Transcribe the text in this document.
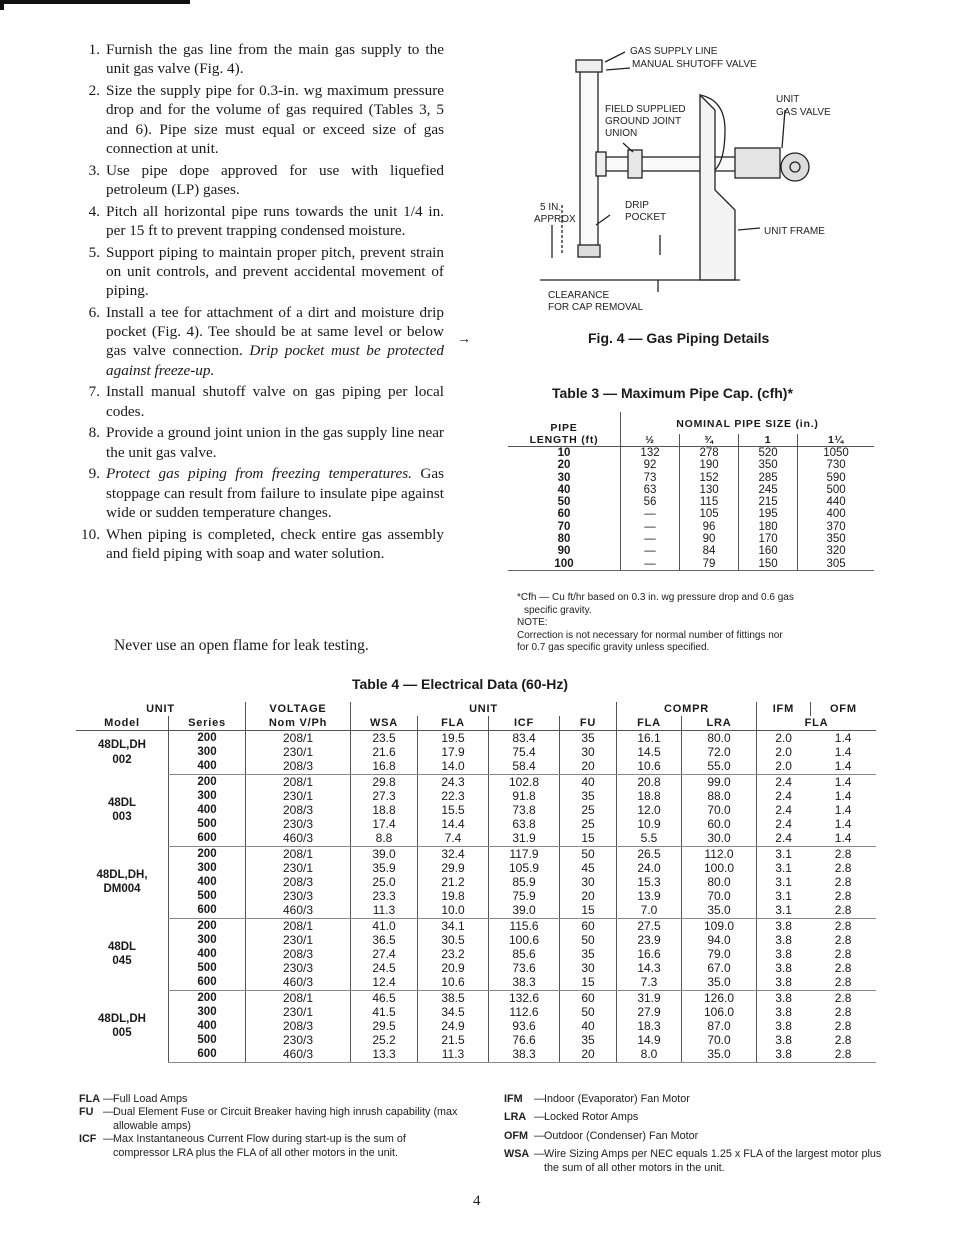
1. Furnish the gas line from the main gas supply to the unit gas valve (Fig. 4).
2. Size the supply pipe for 0.3-in. wg maximum pressure drop and for the volume of gas required (Tables 3, 5 and 6). Pipe size must equal or exceed size of gas connection at unit.
3. Use pipe dope approved for use with liquefied petroleum (LP) gases.
4. Pitch all horizontal pipe runs towards the unit 1/4 in. per 15 ft to prevent trapping condensed moisture.
5. Support piping to maintain proper pitch, prevent strain on unit controls, and prevent accidental movement of piping.
6. Install a tee for attachment of a dirt and moisture drip pocket (Fig. 4). Tee should be at same level or below gas valve connection. Drip pocket must be protected against freeze-up.
7. Install manual shutoff valve on gas piping per local codes.
8. Provide a ground joint union in the gas supply line near the unit gas valve.
9. Protect gas piping from freezing temperatures. Gas stoppage can result from failure to insulate pipe against wide or sudden temperature changes.
10. When piping is completed, check entire gas assembly and field piping with soap and water solution.
Never use an open flame for leak testing.
GAS SUPPLY LINE
MANUAL SHUTOFF VALVE
FIELD SUPPLIED
GROUND JOINT
UNION
UNIT
GAS VALVE
5 IN.
APPROX
DRIP
POCKET
UNIT FRAME
CLEARANCE
FOR CAP REMOVAL
→	Fig. 4 — Gas Piping Details
Table 3 — Maximum Pipe Cap. (cfh)*
PIPE	NOMINAL PIPE SIZE (in.)			
LENGTH (ft)	½	¾	1	1¼
10	132	278	520	1050
20	92	190	350	730
30	73	152	285	590
40	63	130	245	500
50	56	115	215	440
60	—	105	195	400
70	—	96	180	370
80	—	90	170	350
90	—	84	160	320
100	—	79	150	305

*Cfh — Cu ft/hr based on 0.3 in. wg pressure drop and 0.6 gas

specific gravity.

NOTE:

Correction is not necessary for normal number of fittings nor

for 0.7 gas specific gravity unless specified.

Table 4 — Electrical Data (60-Hz)
UNIT		VOLTAGE	UNIT				COMPR		IFM	OFM
Model	Series	Nom V/Ph	WSA	FLA	ICF	FU	FLA	LRA	FLA	

48DL,DH
002	200	208/1	23.5	19.5	83.4	35	16.1	80.0	2.0	1.4
	300	230/1	21.6	17.9	75.4	30	14.5	72.0	2.0	1.4
	400	208/3	16.8	14.0	58.4	20	10.6	55.0	2.0	1.4

48DL
003	200	208/1	29.8	24.3	102.8	40	20.8	99.0	2.4	1.4
	300	230/1	27.3	22.3	91.8	35	18.8	88.0	2.4	1.4
	400	208/3	18.8	15.5	73.8	25	12.0	70.0	2.4	1.4
	500	230/3	17.4	14.4	63.8	25	10.9	60.0	2.4	1.4
	600	460/3	8.8	7.4	31.9	15	5.5	30.0	2.4	1.4

48DL,DH,
DM004	200	208/1	39.0	32.4	117.9	50	26.5	112.0	3.1	2.8
	300	230/1	35.9	29.9	105.9	45	24.0	100.0	3.1	2.8
	400	208/3	25.0	21.2	85.9	30	15.3	80.0	3.1	2.8
	500	230/3	23.3	19.8	75.9	20	13.9	70.0	3.1	2.8
	600	460/3	11.3	10.0	39.0	15	7.0	35.0	3.1	2.8

48DL
045	200	208/1	41.0	34.1	115.6	60	27.5	109.0	3.8	2.8
	300	230/1	36.5	30.5	100.6	50	23.9	94.0	3.8	2.8
	400	208/3	27.4	23.2	85.6	35	16.6	79.0	3.8	2.8
	500	230/3	24.5	20.9	73.6	30	14.3	67.0	3.8	2.8
	600	460/3	12.4	10.6	38.3	15	7.3	35.0	3.8	2.8

48DL,DH
005	200	208/1	46.5	38.5	132.6	60	31.9	126.0	3.8	2.8
	300	230/1	41.5	34.5	112.6	50	27.9	106.0	3.8	2.8
	400	208/3	29.5	24.9	93.6	40	18.3	87.0	3.8	2.8
	500	230/3	25.2	21.5	76.6	35	14.9	70.0	3.8	2.8
	600	460/3	13.3	11.3	38.3	20	8.0	35.0	3.8	2.8
FLA — Full Load Amps
FU — Dual Element Fuse or Circuit Breaker having high inrush capability (max allowable amps)
ICF — Max Instantaneous Current Flow during start-up is the sum of compressor LRA plus the FLA of all other motors in the unit.
IFM	— Indoor (Evaporator) Fan Motor
LRA — Locked Rotor Amps
OFM — Outdoor (Condenser) Fan Motor
WSA — Wire Sizing Amps per NEC equals 1.25 x FLA of the largest motor plus the sum of all other motors in the unit.
4
